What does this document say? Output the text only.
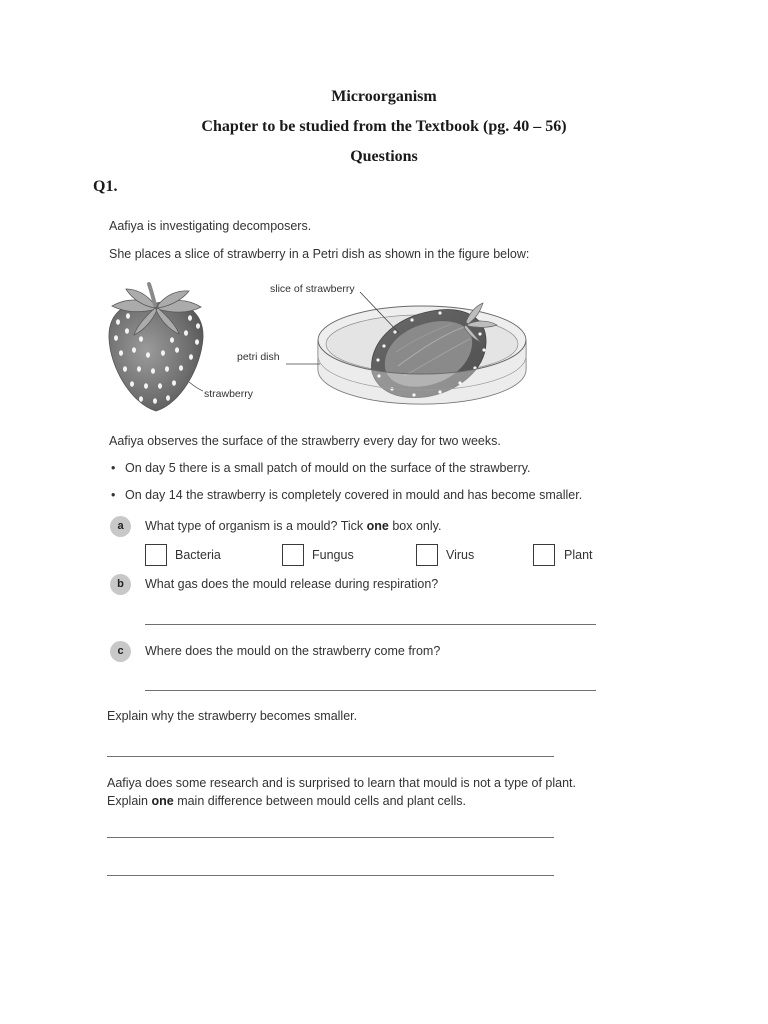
Microorganism
Chapter to be studied from the Textbook (pg. 40 – 56)
Questions
Q1.
Aafiya is investigating decomposers.
She places a slice of strawberry in a Petri dish as shown in the figure below:
slice of strawberry
petri dish
strawberry
Aafiya observes the surface of the strawberry every day for two weeks.
• On day 5 there is a small patch of mould on the surface of the strawberry.
• On day 14 the strawberry is completely covered in mould and has become smaller.
a	What type of organism is a mould? Tick one box only.
Bacteria	Fungus	Virus	Plant
b	What gas does the mould release during respiration?
c	Where does the mould on the strawberry come from?
Explain why the strawberry becomes smaller.
Aafiya does some research and is surprised to learn that mould is not a type of plant.
Explain one main difference between mould cells and plant cells.
